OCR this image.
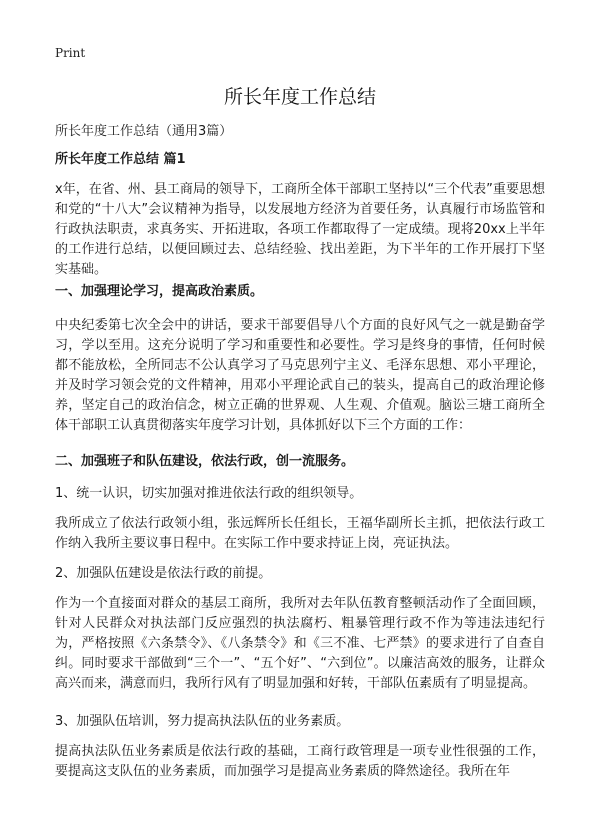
Print
所长年度工作总结
所长年度工作总结（通用3篇）
所长年度工作总结 篇1
x年，在省、州、县工商局的领导下，工商所全体干部职工坚持以“三个代表”重要思想和党的“十八大”会议精神为指导，以发展地方经济为首要任务，认真履行市场监管和行政执法职责，求真务实、开拓进取，各项工作都取得了一定成绩。现将20xx上半年的工作进行总结，以便回顾过去、总结经验、找出差距，为下半年的工作开展打下坚实基础。
一、加强理论学习，提高政治素质。
中央纪委第七次全会中的讲话，要求干部要倡导八个方面的良好风气之一就是勤奋学习，学以至用。这充分说明了学习和重要性和必要性。学习是终身的事情，任何时候都不能放松，全所同志不公认真学习了马克思列宁主义、毛泽东思想、邓小平理论，并及时学习领会党的文件精神，用邓小平理论武自己的装头，提高自己的政治理论修养，坚定自己的政治信念，树立正确的世界观、人生观、介值观。脑讼三塘工商所全体干部职工认真贯彻落实年度学习计划，具体抓好以下三个方面的工作：
二、加强班子和队伍建设，依法行政，创一流服务。
1、统一认识，切实加强对推进依法行政的组织领导。
我所成立了依法行政领小组，张远辉所长任组长，王福华副所长主抓，把依法行政工作纳入我所主要议事日程中。在实际工作中要求持证上岗，亮证执法。
2、加强队伍建设是依法行政的前提。
作为一个直接面对群众的基层工商所，我所对去年队伍教育整顿活动作了全面回顾，针对人民群众对执法部门反应强烈的执法腐朽、粗暴管理行政不作为等违法违纪行为，严格按照《六条禁令》、《八条禁令》和《三不准、七严禁》的要求进行了自查自纠。同时要求干部做到“三个一”、“五个好”、“六到位”。以廉洁高效的服务，让群众高兴而来，满意而归，我所行风有了明显加强和好转，干部队伍素质有了明显提高。
3、加强队伍培训，努力提高执法队伍的业务素质。
提高执法队伍业务素质是依法行政的基础，工商行政管理是一项专业性很强的工作，要提高这支队伍的业务素质，而加强学习是提高业务素质的降然途径。我所在年
